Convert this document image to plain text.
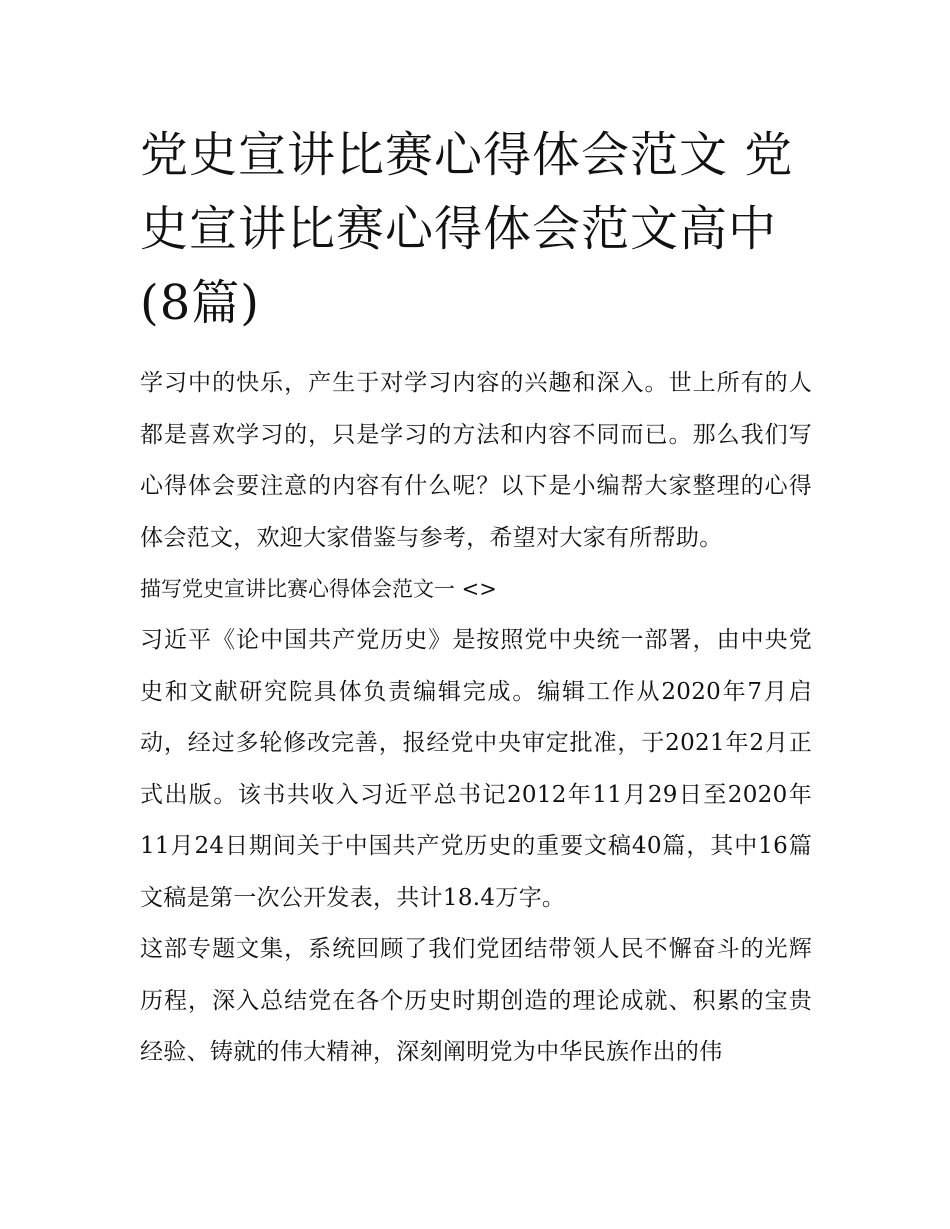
党史宣讲比赛心得体会范文 党史宣讲比赛心得体会范文高中(8篇)

学习中的快乐，产生于对学习内容的兴趣和深入。世上所有的人都是喜欢学习的，只是学习的方法和内容不同而已。那么我们写心得体会要注意的内容有什么呢？以下是小编帮大家整理的心得体会范文，欢迎大家借鉴与参考，希望对大家有所帮助。

描写党史宣讲比赛心得体会范文一 <>

习近平《论中国共产党历史》是按照党中央统一部署，由中央党史和文献研究院具体负责编辑完成。编辑工作从2020年7月启动，经过多轮修改完善，报经党中央审定批准，于2021年2月正式出版。该书共收入习近平总书记2012年11月29日至2020年11月24日期间关于中国共产党历史的重要文稿40篇，其中16篇文稿是第一次公开发表，共计18.4万字。

这部专题文集，系统回顾了我们党团结带领人民不懈奋斗的光辉历程，深入总结党在各个历史时期创造的理论成就、积累的宝贵经验、铸就的伟大精神，深刻阐明党为中华民族作出的伟
